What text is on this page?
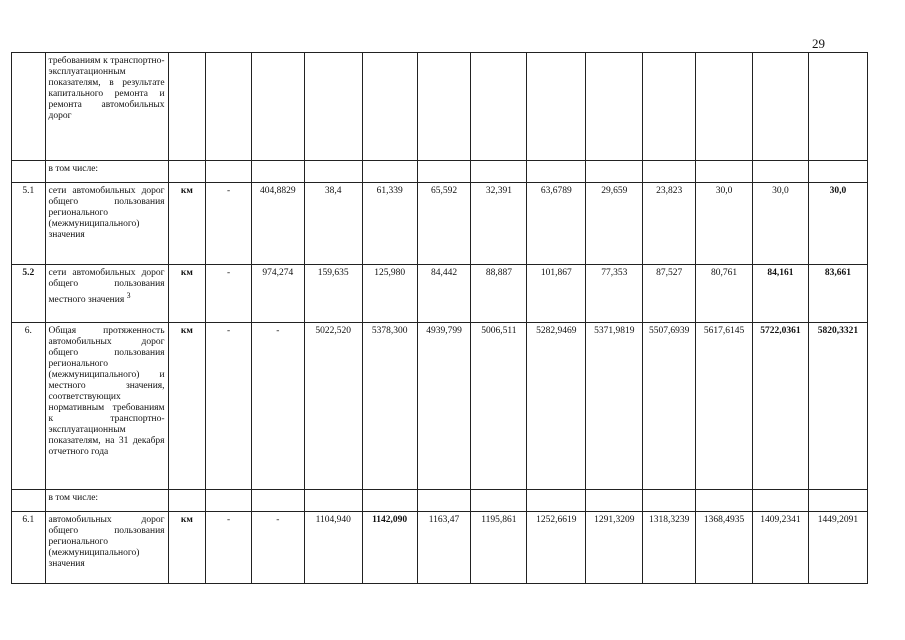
29
	требованиям к транспортно-эксплуатационным показателям, в результате капитального ремонта и ремонта автомобильных дорог													
	в том числе:													
5.1	сети автомобильных дорог общего пользования регионального (межмуниципального) значения	км	-	404,8829	38,4	61,339	65,592	32,391	63,6789	29,659	23,823	30,0	30,0	30,0
5.2	сети автомобильных дорог общего пользования местного значения $^3$	км	-	974,274	159,635	125,980	84,442	88,887	101,867	77,353	87,527	80,761	84,161	83,661
6.	Общая протяженность автомобильных дорог общего пользования регионального (межмуниципального) и местного значения, соответствующих нормативным требованиям к транспортно-эксплуатационным показателям, на 31 декабря отчетного года	км	-	-	5022,520	5378,300	4939,799	5006,511	5282,9469	5371,9819	5507,6939	5617,6145	5722,0361	5820,3321
	в том числе:													
6.1	автомобильных дорог общего пользования регионального (межмуниципального) значения	км	-	-	1104,940	1142,090	1163,47	1195,861	1252,6619	1291,3209	1318,3239	1368,4935	1409,2341	1449,2091
